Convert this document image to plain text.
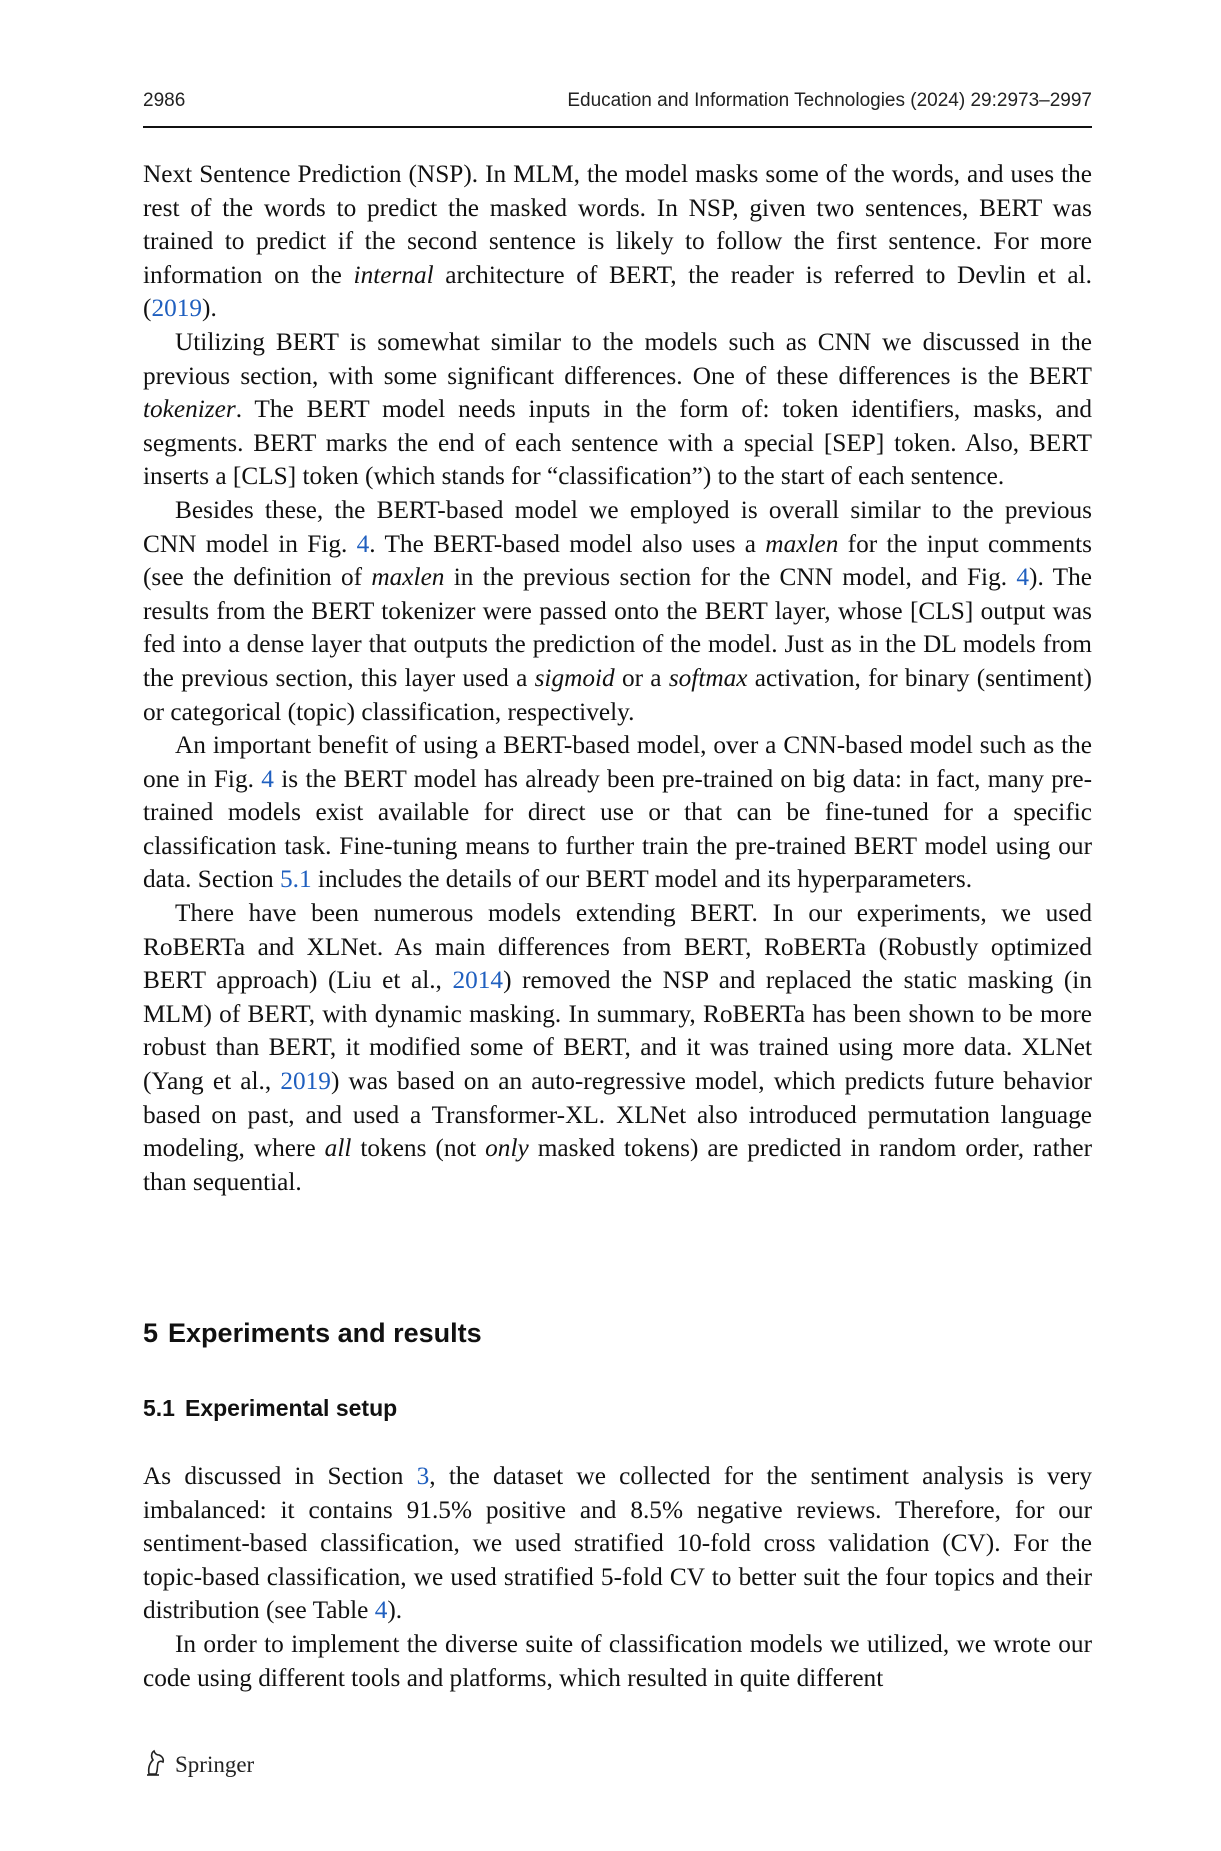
2986	Education and Information Technologies (2024) 29:2973–2997

Next Sentence Prediction (NSP). In MLM, the model masks some of the words, and uses the rest of the words to predict the masked words. In NSP, given two sentences, BERT was trained to predict if the second sentence is likely to follow the first sentence. For more information on the internal architecture of BERT, the reader is referred to Devlin et al. (2019).

Utilizing BERT is somewhat similar to the models such as CNN we discussed in the previous section, with some significant differences. One of these differences is the BERT tokenizer. The BERT model needs inputs in the form of: token identifiers, masks, and segments. BERT marks the end of each sentence with a special [SEP] token. Also, BERT inserts a [CLS] token (which stands for “classification”) to the start of each sentence.

Besides these, the BERT-based model we employed is overall similar to the previous CNN model in Fig. 4. The BERT-based model also uses a maxlen for the input comments (see the definition of maxlen in the previous section for the CNN model, and Fig. 4). The results from the BERT tokenizer were passed onto the BERT layer, whose [CLS] output was fed into a dense layer that outputs the prediction of the model. Just as in the DL models from the previous section, this layer used a sigmoid or a softmax activation, for binary (sentiment) or categorical (topic) classification, respectively.

An important benefit of using a BERT-based model, over a CNN-based model such as the one in Fig. 4 is the BERT model has already been pre-trained on big data: in fact, many pre-trained models exist available for direct use or that can be fine-tuned for a specific classification task. Fine-tuning means to further train the pre-trained BERT model using our data. Section 5.1 includes the details of our BERT model and its hyperparameters.

There have been numerous models extending BERT. In our experiments, we used RoBERTa and XLNet. As main differences from BERT, RoBERTa (Robustly optimized BERT approach) (Liu et al., 2014) removed the NSP and replaced the static masking (in MLM) of BERT, with dynamic masking. In summary, RoBERTa has been shown to be more robust than BERT, it modified some of BERT, and it was trained using more data. XLNet (Yang et al., 2019) was based on an auto-regressive model, which predicts future behavior based on past, and used a Transformer-XL. XLNet also introduced permutation language modeling, where all tokens (not only masked tokens) are predicted in random order, rather than sequential.

5 Experiments and results
5.1 Experimental setup

As discussed in Section 3, the dataset we collected for the sentiment analysis is very imbalanced: it contains 91.5% positive and 8.5% negative reviews. Therefore, for our sentiment-based classification, we used stratified 10-fold cross validation (CV). For the topic-based classification, we used stratified 5-fold CV to better suit the four topics and their distribution (see Table 4).

In order to implement the diverse suite of classification models we utilized, we wrote our code using different tools and platforms, which resulted in quite different

Springer
